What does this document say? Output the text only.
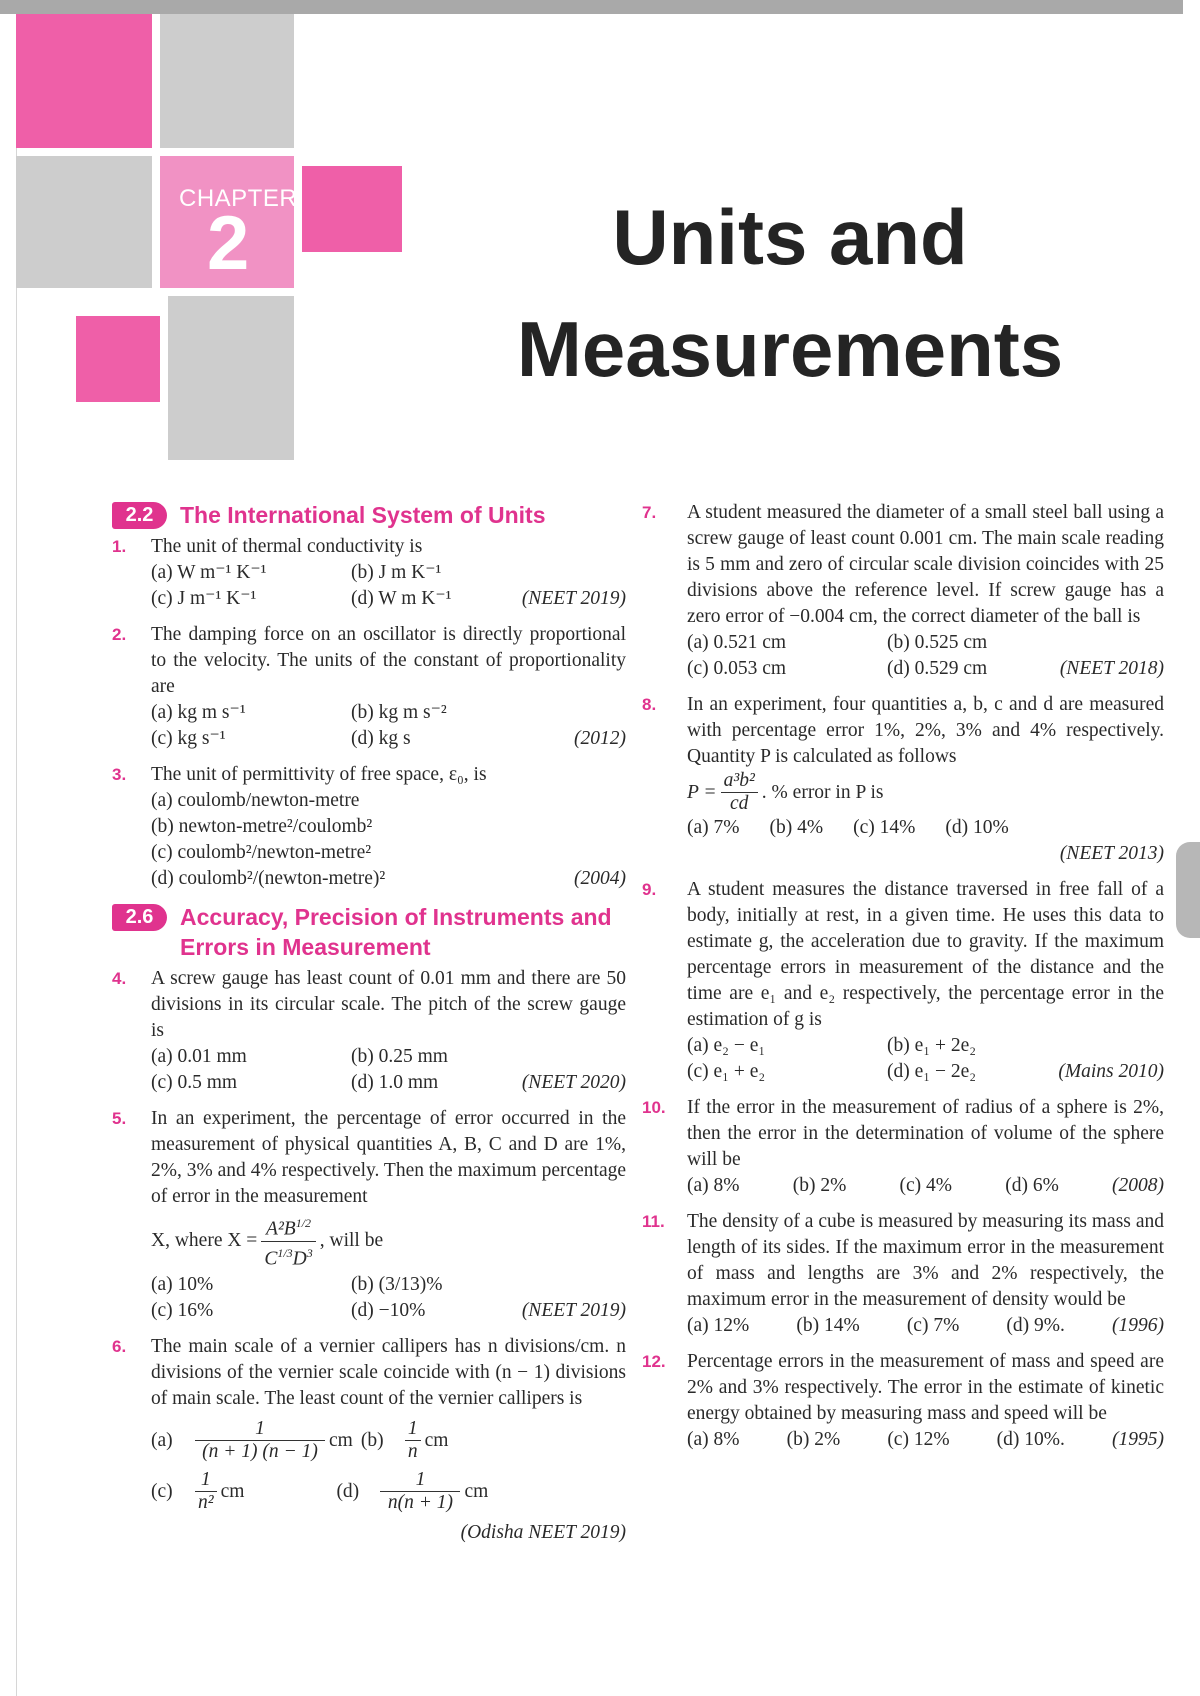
CHAPTER
2	Units and
Measurements
2.2	The International System of Units
1. The unit of thermal conductivity is
(a) W m⁻¹ K⁻¹	(b) J m K⁻¹
(c) J m⁻¹ K⁻¹	(d) W m K⁻¹	(NEET 2019)
2. The damping force on an oscillator is directly proportional to the velocity. The units of the constant of proportionality are
(a) kg m s⁻¹	(b) kg m s⁻²
(c) kg s⁻¹	(d) kg s	(2012)
3. The unit of permittivity of free space, ε₀, is
(a) coulomb/newton-metre
(b) newton-metre²/coulomb²
(c) coulomb²/newton-metre²
(d) coulomb²/(newton-metre)²	(2004)
2.6	Accuracy, Precision of Instruments and Errors in Measurement
4. A screw gauge has least count of 0.01 mm and there are 50 divisions in its circular scale. The pitch of the screw gauge is
(a) 0.01 mm	(b) 0.25 mm
(c) 0.5 mm	(d) 1.0 mm	(NEET 2020)
5. In an experiment, the percentage of error occurred in the measurement of physical quantities A, B, C and D are 1%, 2%, 3% and 4% respectively. Then the maximum percentage of error in the measurement
X, where $X = \frac{A^2B^{1/2}}{C^{1/3}D^3}$ , will be
(a) 10%	(b) (3/13)%
(c) 16%	(d) −10%	(NEET 2019)
6. The main scale of a vernier callipers has n divisions/cm. n divisions of the vernier scale coincide with (n − 1) divisions of main scale. The least count of the vernier callipers is
(a)	$\frac{1}{(n + 1) (n - 1)}$ cm (b)	$\frac{1}{n}$ cm
(c)	$\frac{1}{\text{n²}}$ cm	(d)	$\frac{1}{n(n + 1)}$ cm
(Odisha NEET 2019)
7. A student measured the diameter of a small steel ball using a screw gauge of least count 0.001 cm. The main scale reading is 5 mm and zero of circular scale division coincides with 25 divisions above the reference level. If screw gauge has a zero error of −0.004 cm, the correct diameter of the ball is
(a) 0.521 cm	(b) 0.525 cm
(c) 0.053 cm	(d) 0.529 cm	(NEET 2018)
8. In an experiment, four quantities a, b, c and d are measured with percentage error 1%, 2%, 3% and 4% respectively. Quantity P is calculated as follows
$P = \frac{\text{a³b²}}{cd}$ . % error in P is
(a) 7% (b) 4% (c) 14% (d) 10%
(NEET 2013)
9. A student measures the distance traversed in free fall of a body, initially at rest, in a given time. He uses this data to estimate g, the acceleration due to gravity. If the maximum percentage errors in measurement of the distance and the time are e₁ and e₂ respectively, the percentage error in the estimation of g is
(a) e₂ − e₁	(b) e₁ + 2e₂
(c) e₁ + e₂	(d) e₁ − 2e₂	(Mains 2010)
10. If the error in the measurement of radius of a sphere is 2%, then the error in the determination of volume of the sphere will be
(a) 8%	(b) 2%	(c) 4%	(d) 6%	(2008)
11. The density of a cube is measured by measuring its mass and length of its sides. If the maximum error in the measurement of mass and lengths are 3% and 2% respectively, the maximum error in the measurement of density would be
(a) 12% (b) 14% (c) 7% (d) 9%. (1996)
12. Percentage errors in the measurement of mass and speed are 2% and 3% respectively. The error in the estimate of kinetic energy obtained by measuring mass and speed will be
(a) 8% (b) 2% (c) 12% (d) 10%. (1995)
